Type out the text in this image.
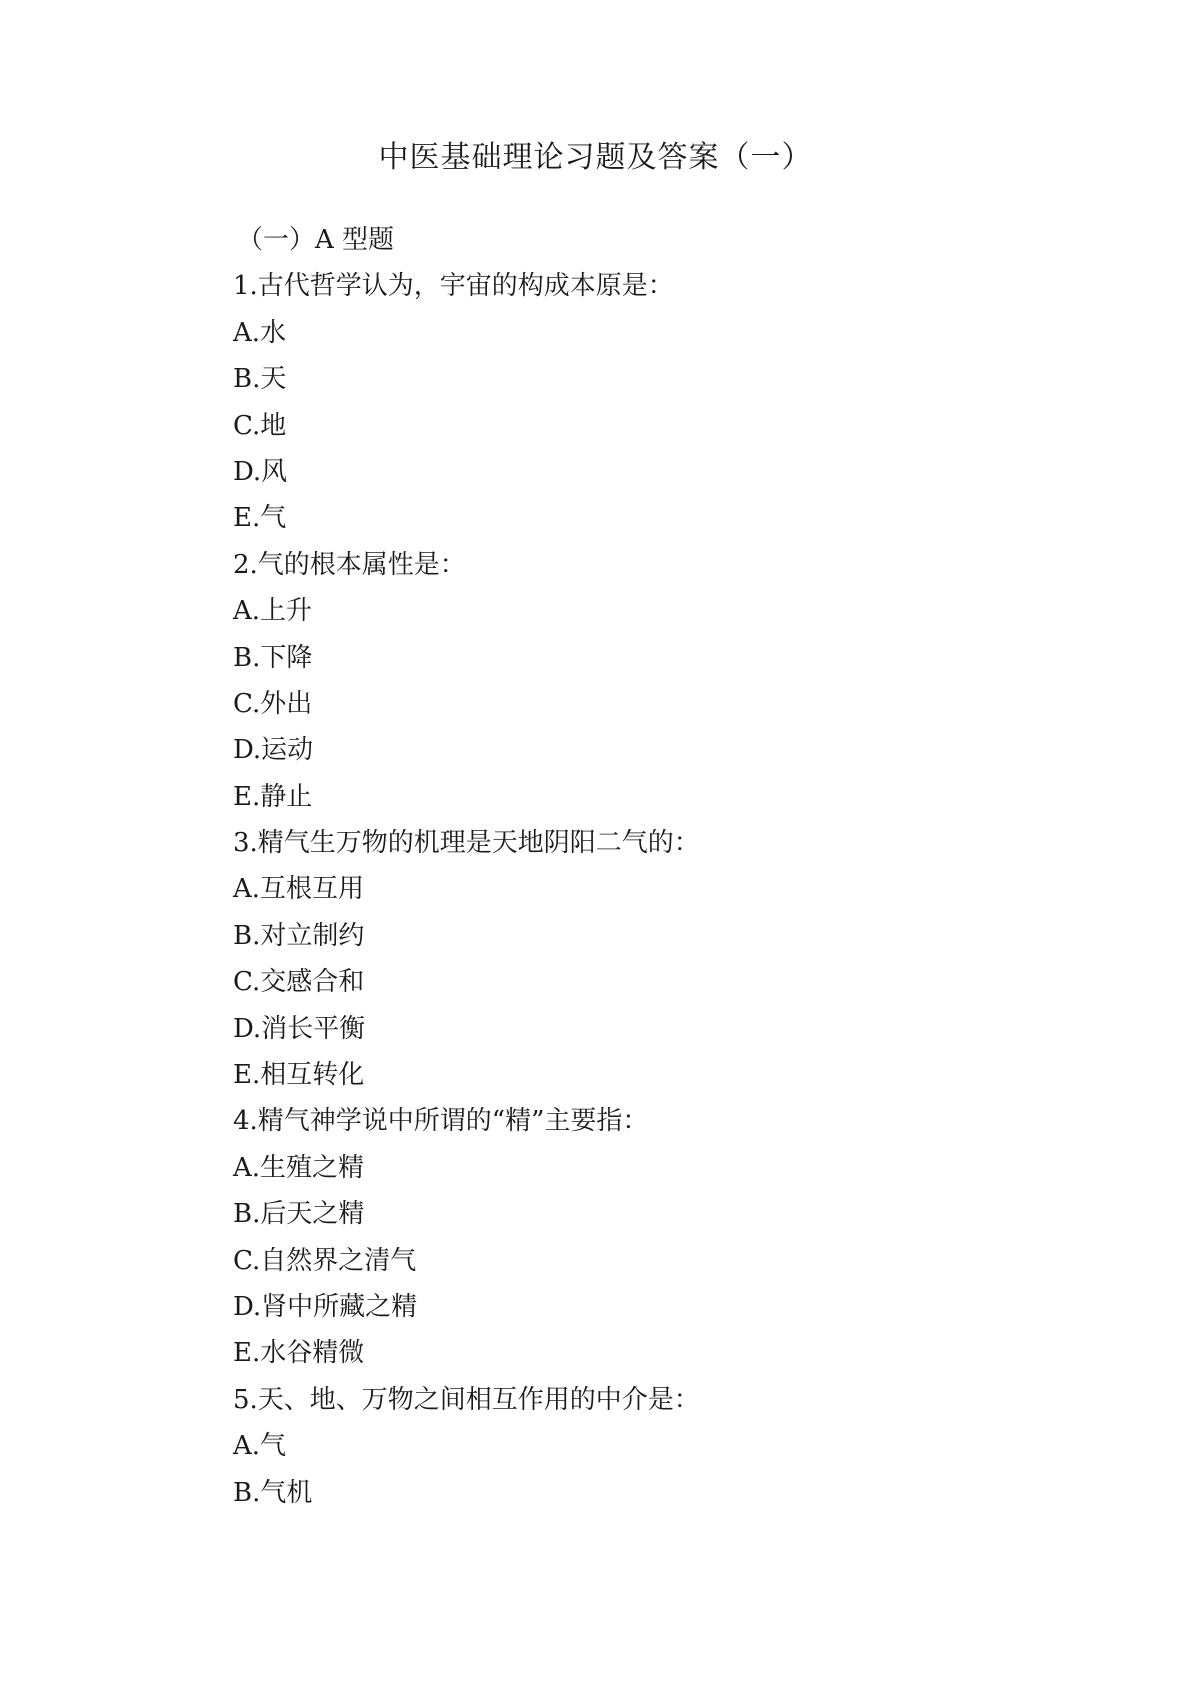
中医基础理论习题及答案（一）
（一）A 型题
1.古代哲学认为，宇宙的构成本原是：
A.水
B.天
C.地
D.风
E.气
2.气的根本属性是：
A.上升
B.下降
C.外出
D.运动
E.静止
3.精气生万物的机理是天地阴阳二气的：
A.互根互用
B.对立制约
C.交感合和
D.消长平衡
E.相互转化
4.精气神学说中所谓的“精”主要指：
A.生殖之精
B.后天之精
C.自然界之清气
D.肾中所藏之精
E.水谷精微
5.天、地、万物之间相互作用的中介是：
A.气
B.气机
